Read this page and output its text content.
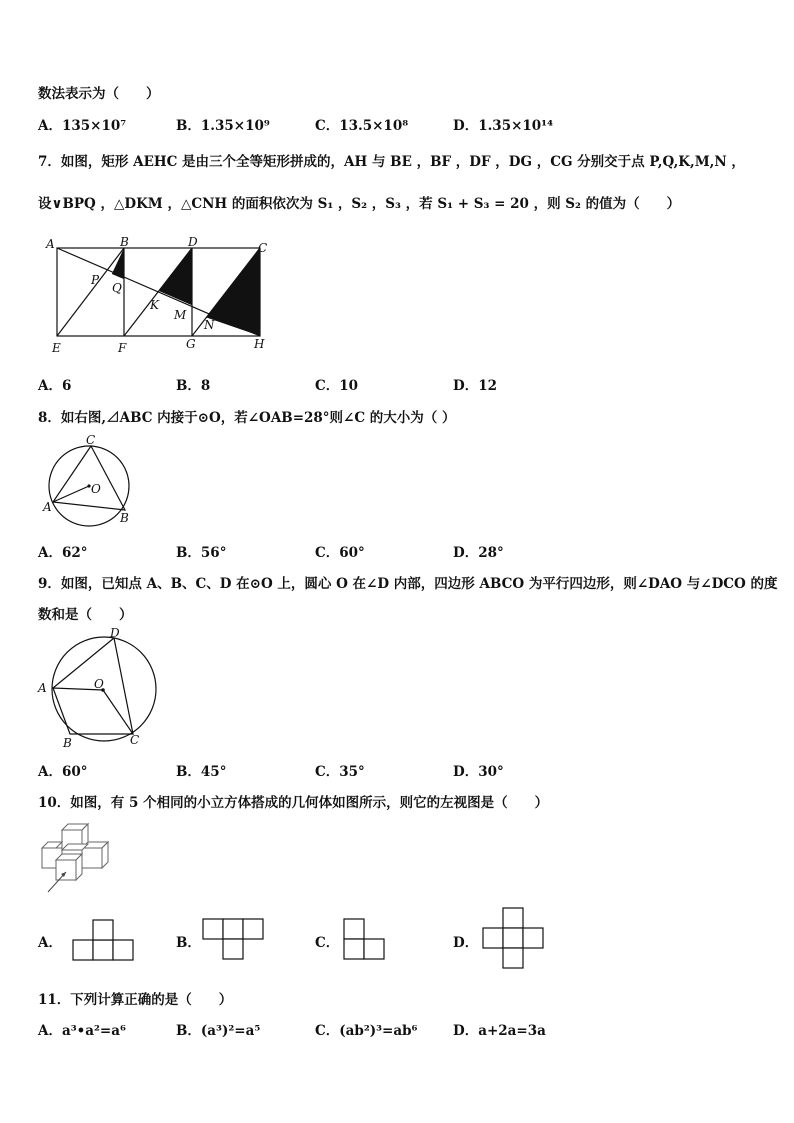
数法表示为（　　）
A．135×10⁷	B．1.35×10⁹	C．13.5×10⁸	D．1.35×10¹⁴
7．如图，矩形 AEHC 是由三个全等矩形拼成的，AH 与 BE ，BF ，DF ，DG ，CG 分别交于点 P,Q,K,M,N ，
设∨BPQ ，△DKM ，△CNH 的面积依次为 S₁ ，S₂ ，S₃ ，若 S₁ + S₃ = 20 ，则 S₂ 的值为（　　）
A	B	D	C
P
Q
K
M
N
E	F	G	H
A．6	B．8	C．10	D．12
8．如右图,⊿ABC 内接于⊙O，若∠OAB=28°则∠C 的大小为（ ）
C
O
A
B
A．62°	B．56°	C．60°	D．28°
9．如图，已知点 A、B、C、D 在⊙O 上，圆心 O 在∠D 内部，四边形 ABCO 为平行四边形，则∠DAO 与∠DCO 的度
数和是（　　）
D
A	O
B	C
A．60°	B．45°	C．35°	D．30°
10．如图，有 5 个相同的小立方体搭成的几何体如图所示，则它的左视图是（　　）
A．	B．	C．	D．
11．下列计算正确的是（　　）
A．a³•a²=a⁶	B．(a³)²=a⁵	C．(ab²)³=ab⁶	D．a+2a=3a
